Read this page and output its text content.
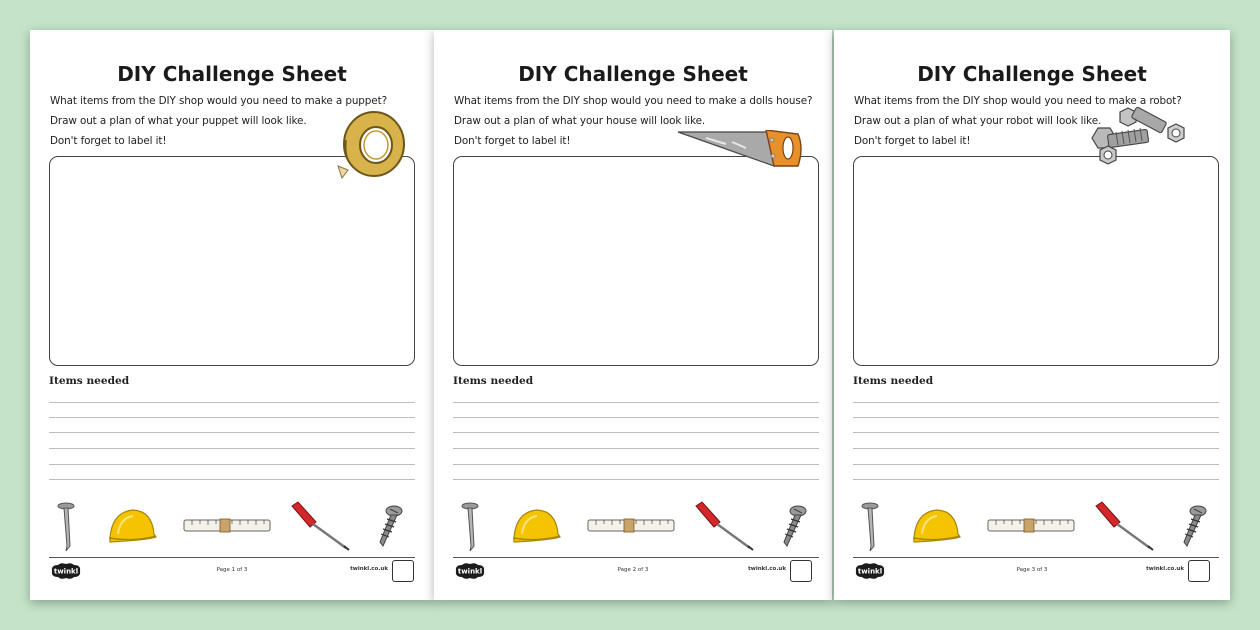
DIY Challenge Sheet
What items from the DIY shop would you need to make a puppet?
Draw out a plan of what your puppet will look like.
Don't forget to label it!
Items needed
twinkl	Page 1 of 3	twinkl.co.uk
DIY Challenge Sheet
What items from the DIY shop would you need to make a dolls house?
Draw out a plan of what your house will look like.
Don't forget to label it!
Items needed
twinkl	Page 2 of 3	twinkl.co.uk
DIY Challenge Sheet
What items from the DIY shop would you need to make a robot?
Draw out a plan of what your robot will look like.
Don't forget to label it!
Items needed
twinkl	Page 3 of 3	twinkl.co.uk
